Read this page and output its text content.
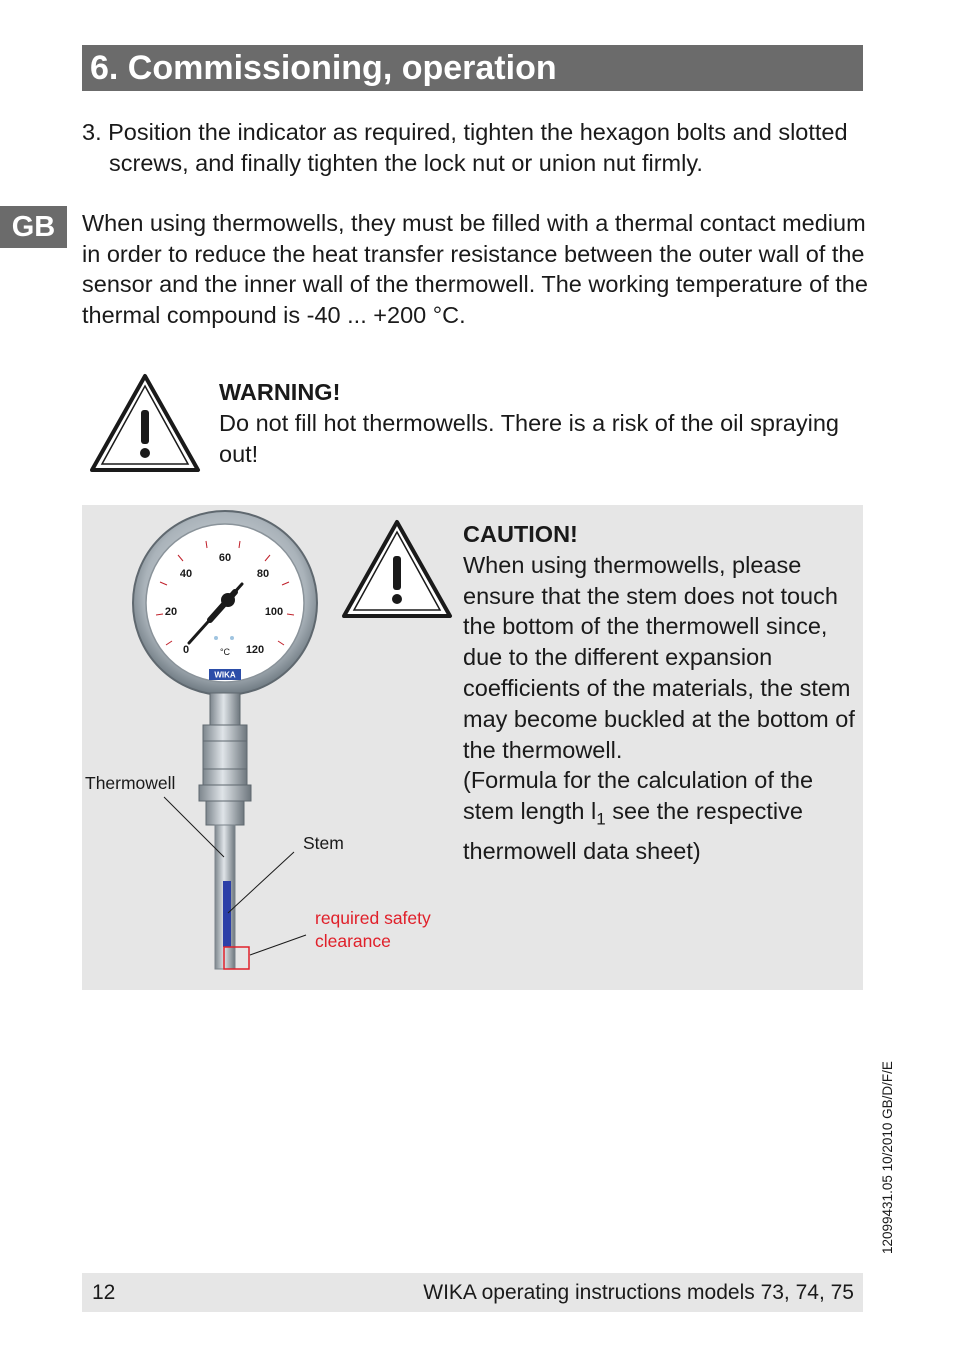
6. Commissioning, operation
GB
3. Position the indicator as required, tighten the hexagon bolts and slotted screws, and finally tighten the lock nut or union nut firmly.
When using thermowells, they must be filled with a thermal contact medium in order to reduce the heat transfer resistance between the outer wall of the sensor and the inner wall of the thermowell. The working temperature of the thermal compound is -40 ... +200 °C.
WARNING!
Do not fill hot thermowells. There is a risk of the oil spraying out!
0
20
40
60
80
100
120
°C
WIKA
Thermowell
Stem
required safety
clearance
CAUTION!
When using thermowells, please ensure that the stem does not touch the bottom of the thermowell since, due to the different expansion coefficients of the materials, the stem may become buckled at the bottom of the thermowell.
(Formula for the calculation of the stem length $l_1$ see the respective thermowell data sheet)
12099431.05 10/2010 GB/D/F/E
12	WIKA operating instructions models 73, 74, 75
